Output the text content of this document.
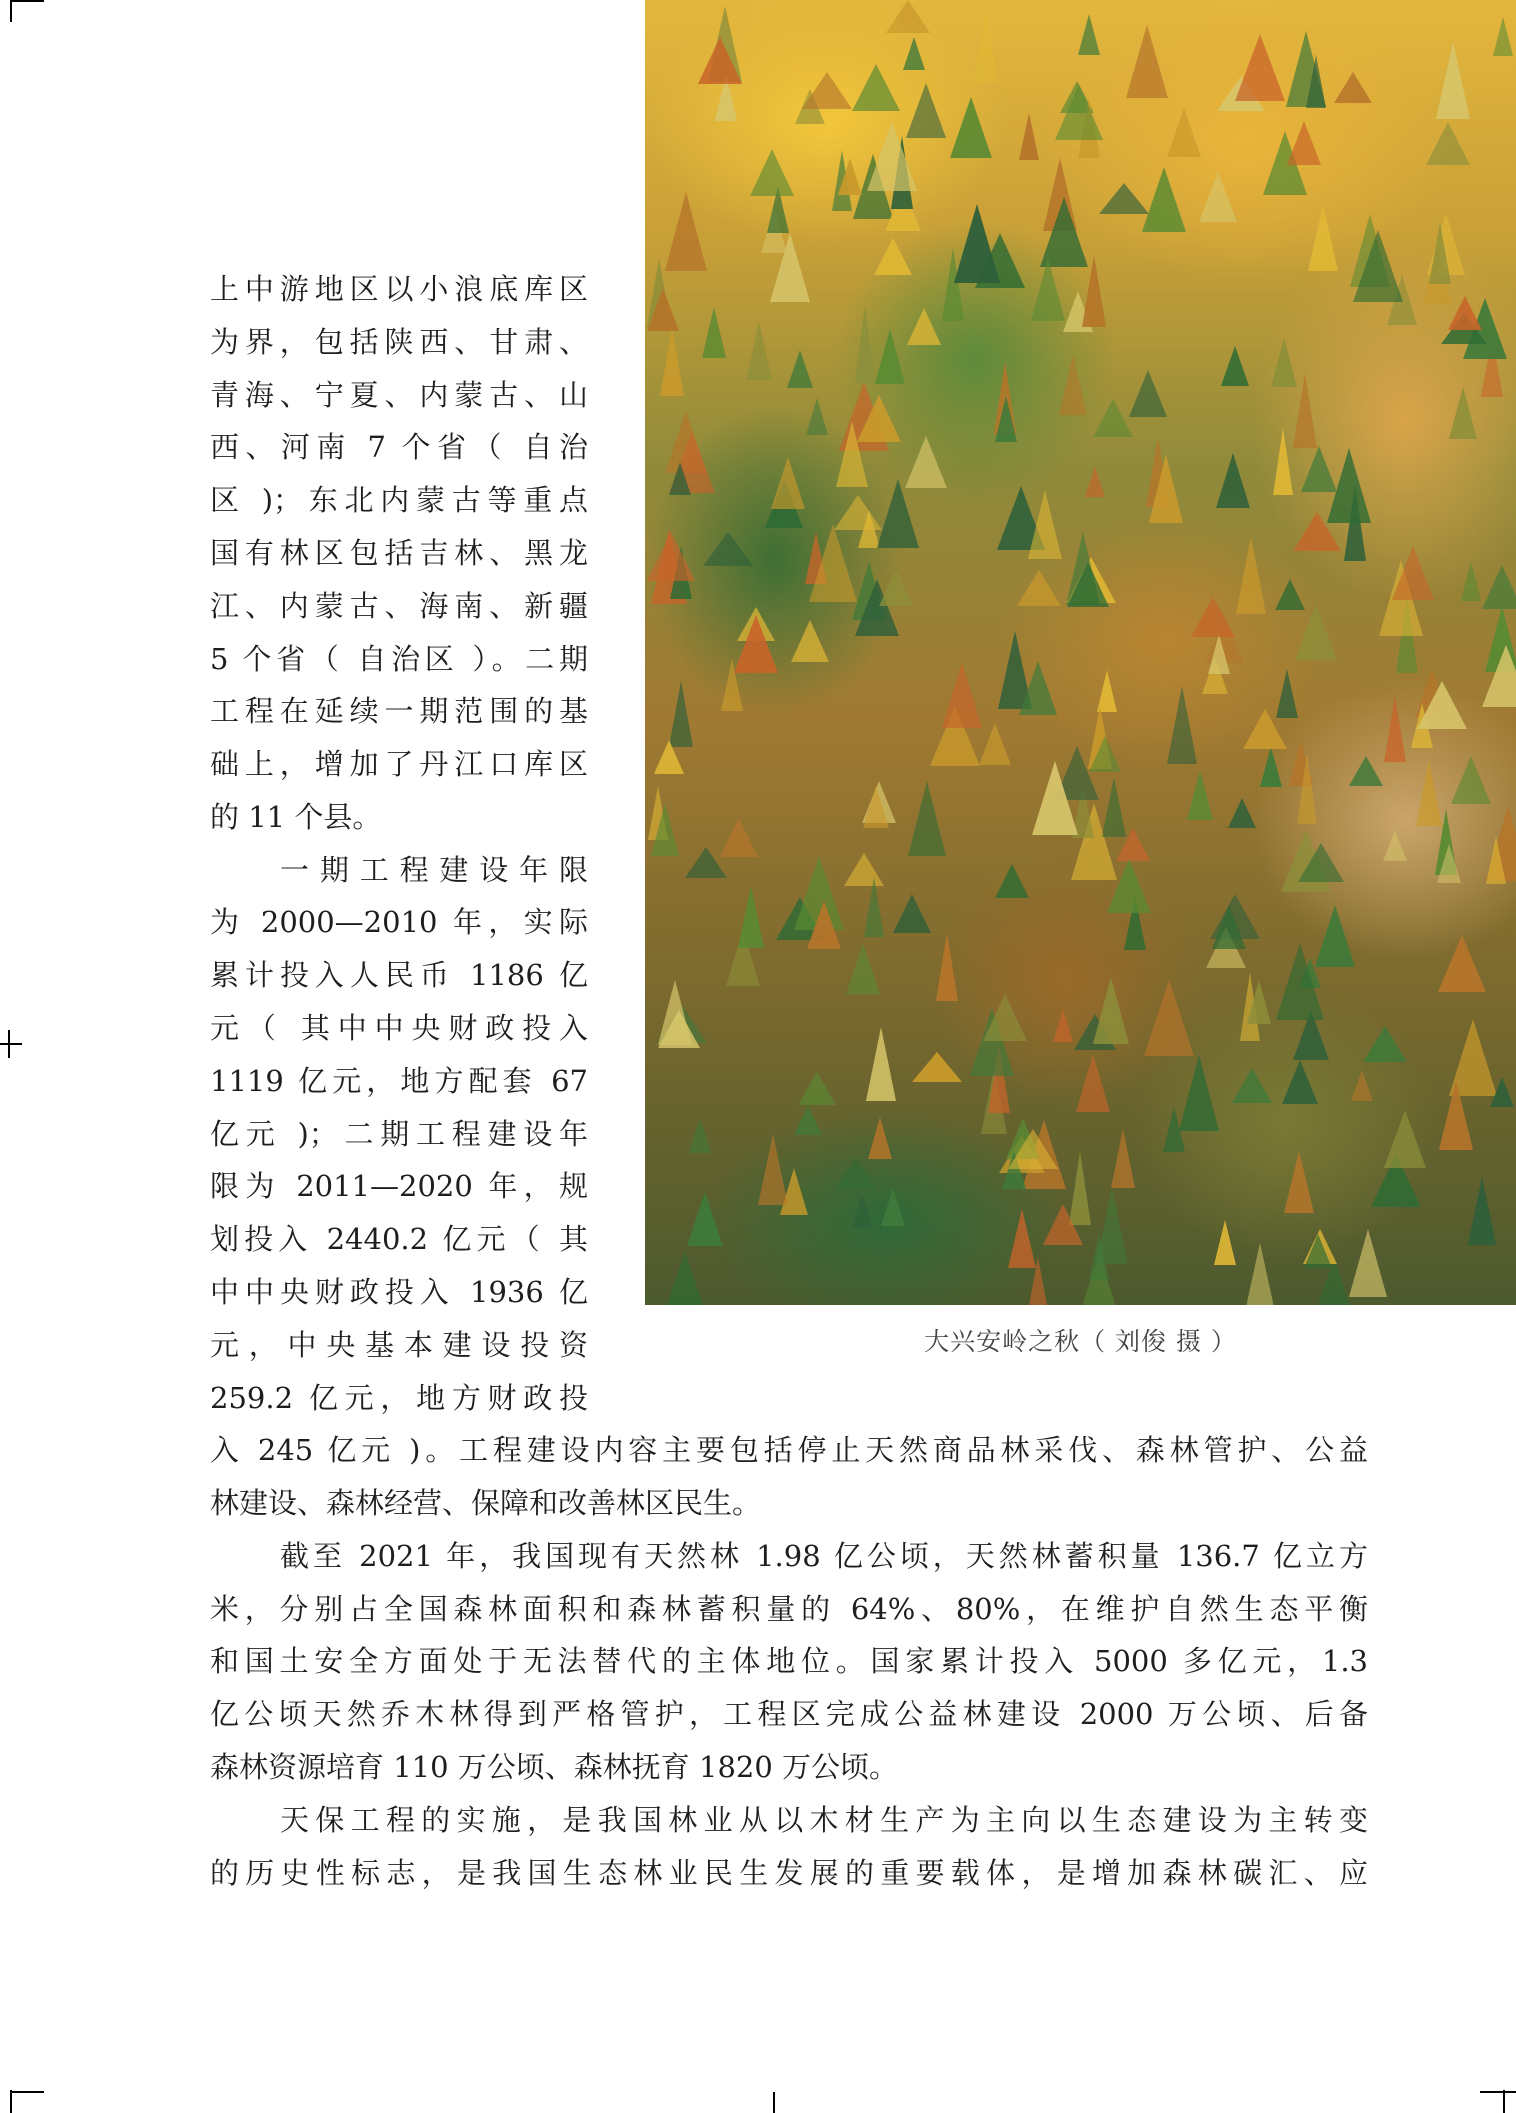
大兴安岭之秋（ 刘俊 摄 ）
上中游地区以小浪底库区
为界，包括陕西、甘肃、
青海、宁夏、内蒙古、山
西、河南 7 个省（ 自治
区 )；东北内蒙古等重点
国有林区包括吉林、黑龙
江、内蒙古、海南、新疆
5 个省（ 自治区 ）。二期
工程在延续一期范围的基
础上，增加了丹江口库区
的 11 个县。
一期工程建设年限
为 2000—2010 年，实际
累计投入人民币 1186 亿
元（ 其中中央财政投入
1119 亿元，地方配套 67
亿元 )；二期工程建设年
限为 2011—2020 年，规
划投入 2440.2 亿元（ 其
中中央财政投入 1936 亿
元，中央基本建设投资
259.2 亿元，地方财政投
入 245 亿元 )。工程建设内容主要包括停止天然商品林采伐、森林管护、公益
林建设、森林经营、保障和改善林区民生。
截至 2021 年，我国现有天然林 1.98 亿公顷，天然林蓄积量 136.7 亿立方
米，分别占全国森林面积和森林蓄积量的 64%、80%，在维护自然生态平衡
和国土安全方面处于无法替代的主体地位。国家累计投入 5000 多亿元，1.3
亿公顷天然乔木林得到严格管护，工程区完成公益林建设 2000 万公顷、后备
森林资源培育 110 万公顷、森林抚育 1820 万公顷。
天保工程的实施，是我国林业从以木材生产为主向以生态建设为主转变
的历史性标志，是我国生态林业民生发展的重要载体，是增加森林碳汇、应
